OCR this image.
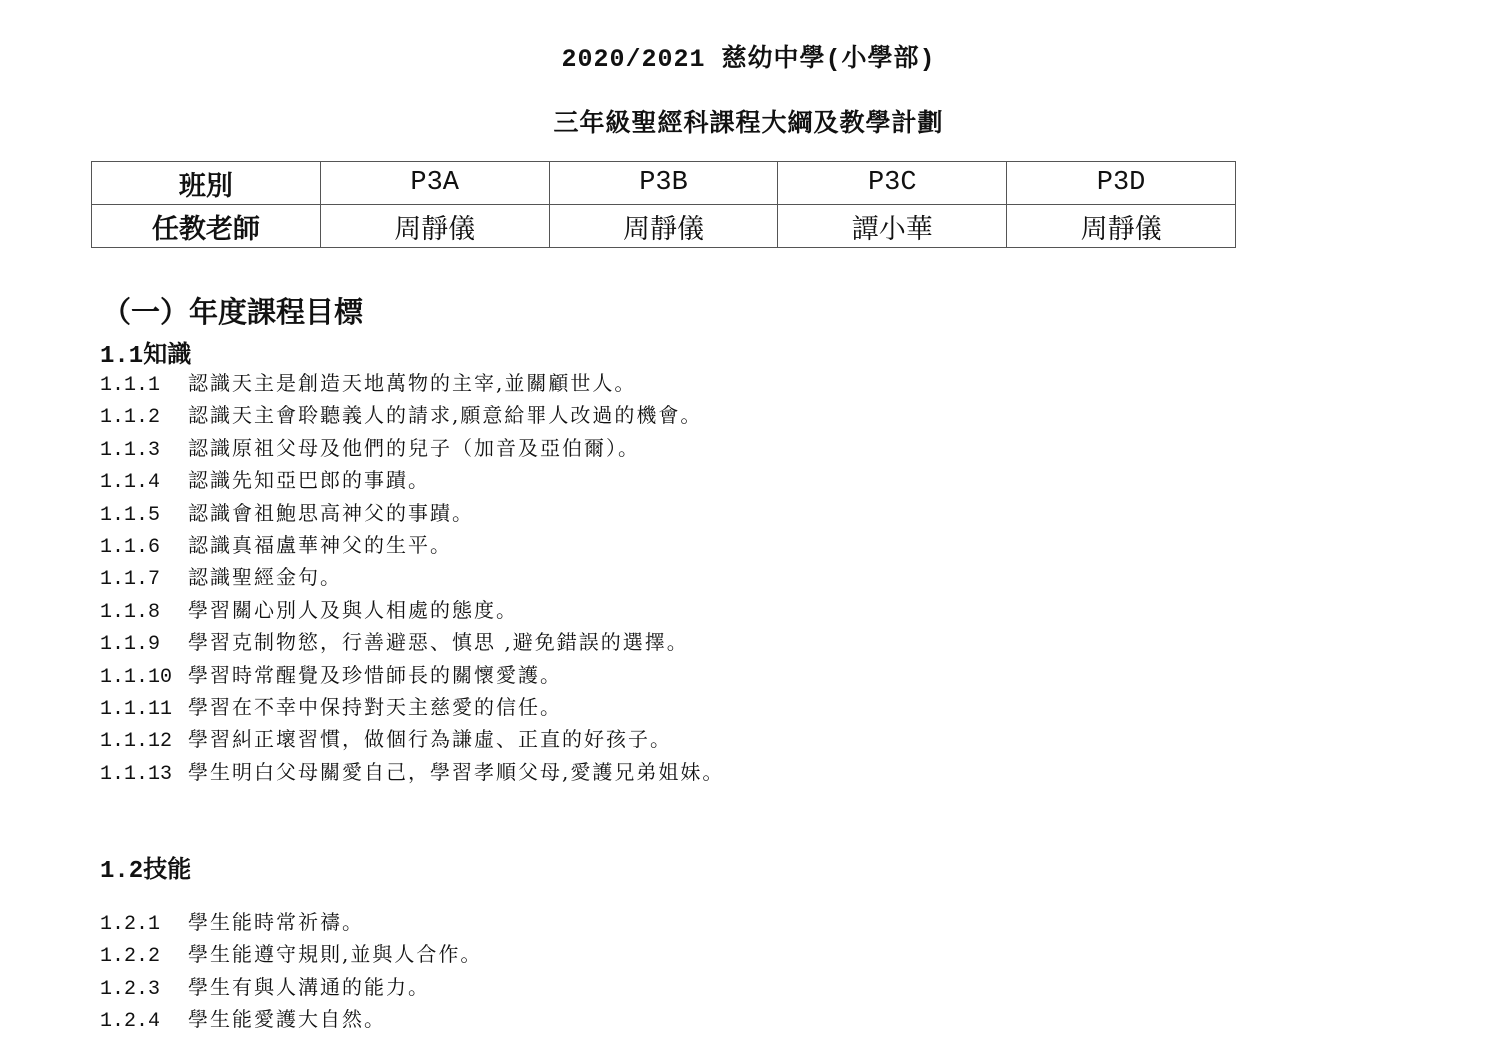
2020/2021 慈幼中學(小學部)
三年級聖經科課程大綱及教學計劃
班別	P3A	P3B	P3C	P3D
任教老師	周靜儀	周靜儀	譚小華	周靜儀
（一）年度課程目標
1.1知識
1.1.1 認識天主是創造天地萬物的主宰,並關顧世人。
1.1.2 認識天主會聆聽義人的請求,願意給罪人改過的機會。
1.1.3 認識原祖父母及他們的兒子（加音及亞伯爾）。
1.1.4 認識先知亞巴郎的事蹟。
1.1.5 認識會祖鮑思高神父的事蹟。
1.1.6 認識真福盧華神父的生平。
1.1.7 認識聖經金句。
1.1.8 學習關心別人及與人相處的態度。
1.1.9 學習克制物慾，行善避惡、慎思 ,避免錯誤的選擇。
1.1.10 學習時常醒覺及珍惜師長的關懷愛護。
1.1.11 學習在不幸中保持對天主慈愛的信任。
1.1.12 學習糾正壞習慣，做個行為謙虛、正直的好孩子。
1.1.13 學生明白父母關愛自己，學習孝順父母,愛護兄弟姐妹。
1.2技能
1.2.1 學生能時常祈禱。
1.2.2 學生能遵守規則,並與人合作。
1.2.3 學生有與人溝通的能力。
1.2.4 學生能愛護大自然。
